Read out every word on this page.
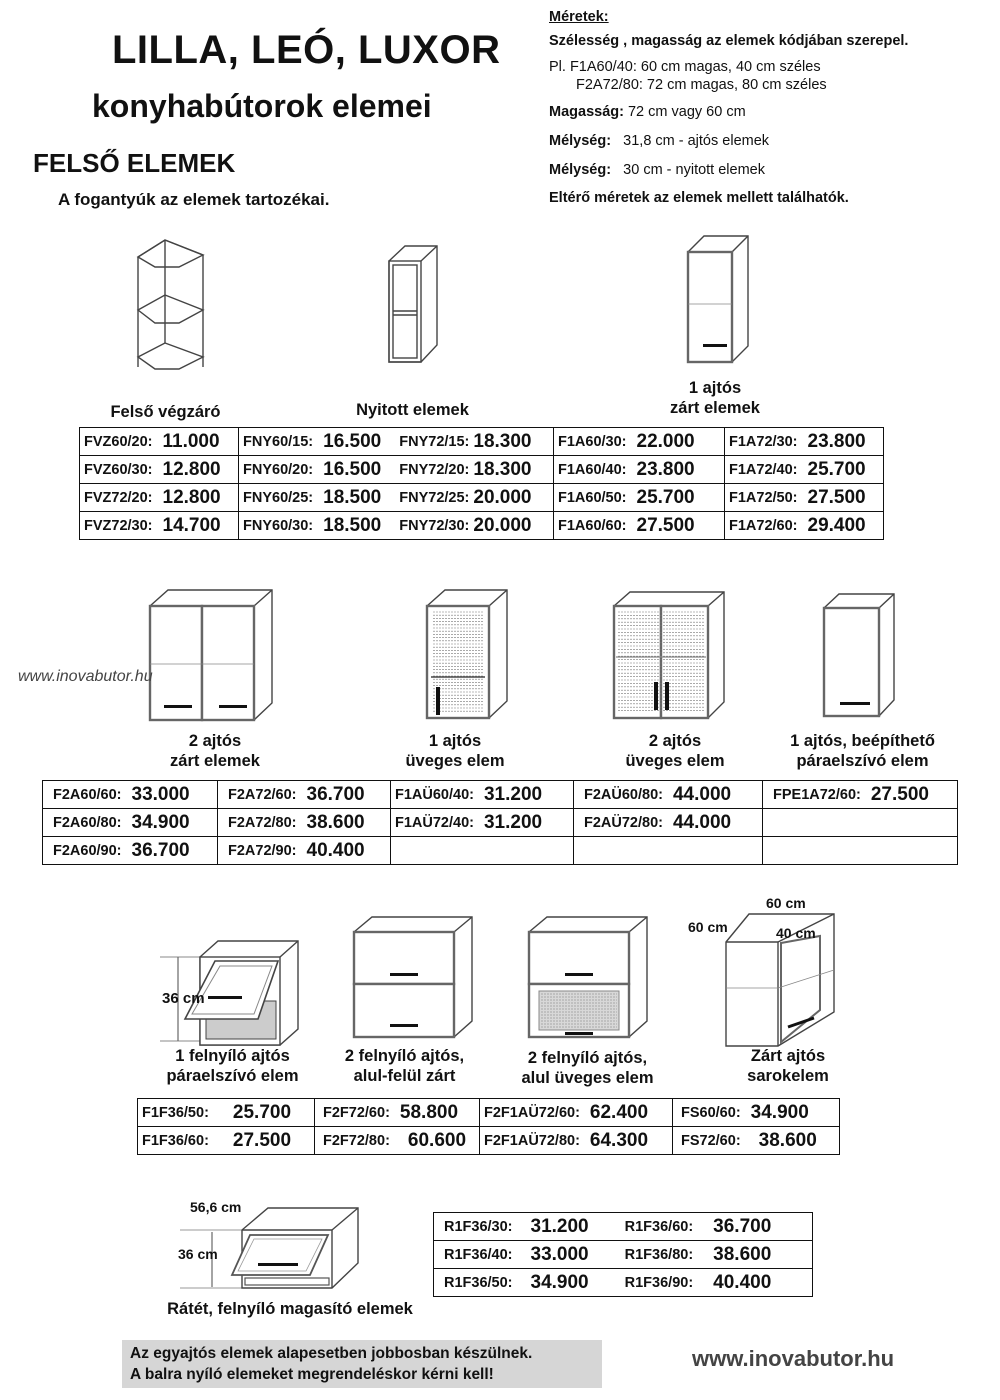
LILLA, LEÓ, LUXOR
konyhabútorok elemei
FELSŐ ELEMEK
A fogantyúk az elemek tartozékai.
Méretek:
Szélesség , magasság az elemek kódjában szerepel.
Pl. F1A60/40: 60 cm magas, 40 cm széles
F2A72/80: 72 cm magas, 80 cm széles
Magasság: 72 cm vagy 60 cm
Mélység: 31,8 cm - ajtós elemek
Mélység: 30 cm - nyitott elemek
Eltérő méretek az elemek mellett találhatók.
Felső végzáró	Nyitott elemek
1 ajtós
zárt elemek
FVZ60/20: 11.000	FNY60/15: 16.500 FNY72/15: 18.300	F1A60/30: 22.000	F1A72/30: 23.800

FVZ60/30: 12.800	FNY60/20: 16.500 FNY72/20: 18.300	F1A60/40: 23.800	F1A72/40: 25.700

FVZ72/20: 12.800	FNY60/25: 18.500 FNY72/25: 20.000	F1A60/50: 25.700	F1A72/50: 27.500

FVZ72/30: 14.700	FNY60/30: 18.500 FNY72/30: 20.000	F1A60/60: 27.500	F1A72/60: 29.400
www.inovabutor.hu
2 ajtós
zárt elemek
1 ajtós
üveges elem
2 ajtós
üveges elem
1 ajtós, beépíthető
páraelszívó elem
F2A60/60: 33.000	F2A72/60: 36.700	F1AÜ60/40: 31.200	F2AÜ60/80: 44.000	FPE1A72/60: 27.500

F2A60/80: 34.900	F2A72/80: 38.600	F1AÜ72/40: 31.200	F2AÜ72/80: 44.000	

F2A60/90: 36.700	F2A72/90: 40.400			

36 cm
60 cm
60 cm	40 cm
1 felnyíló ajtós
páraelszívó elem
2 felnyíló ajtós,
alul-felül zárt
2 felnyíló ajtós,
alul üveges elem
Zárt ajtós
sarokelem
F1F36/50: 25.700	F2F72/60: 58.800	F2F1AÜ72/60: 62.400	FS60/60: 34.900

F1F36/60: 27.500	F2F72/80: 60.600	F2F1AÜ72/80: 64.300	FS72/60: 38.600
56,6 cm
36 cm
Rátét, felnyíló magasító elemek
R1F36/30: 31.200 R1F36/60: 36.700

R1F36/40: 33.000 R1F36/80: 38.600

R1F36/50: 34.900 R1F36/90: 40.400
Az egyajtós elemek alapesetben jobbosban készülnek.
A balra nyíló elemeket megrendeléskor kérni kell!
www.inovabutor.hu
